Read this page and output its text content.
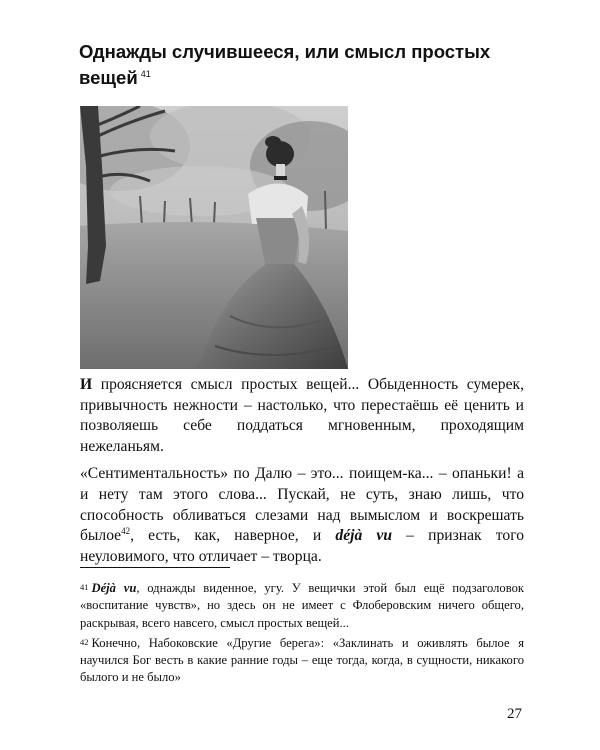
Однажды случившееся, или смысл простых вещей $^{41}$

И проясняется смысл простых вещей... Обыденность сумерек, привычность нежности – настолько, что перестаёшь её ценить и позволяешь себе поддаться мгновенным, проходящим нежеланьям.

«Сентиментальность» по Далю – это... поищем-ка... – опаньки! а и нету там этого слова... Пускай, не суть, знаю лишь, что способность обливаться слезами над вымыслом и воскрешать былое$^{42}$, есть, как, наверное, и déjà vu – признак того неуловимого, что отличает – творца.

41 Déjà vu, однажды виденное, угу. У вещички этой был ещё подзаголовок «воспитание чувств», но здесь он не имеет с Флоберовским ничего общего, раскрывая, всего навсего, смысл простых вещей...

42 Конечно, Набоковские «Другие берега»: «Заклинать и оживлять былое я научился Бог весть в какие ранние годы – еще тогда, когда, в сущности, никакого былого и не было»

27
